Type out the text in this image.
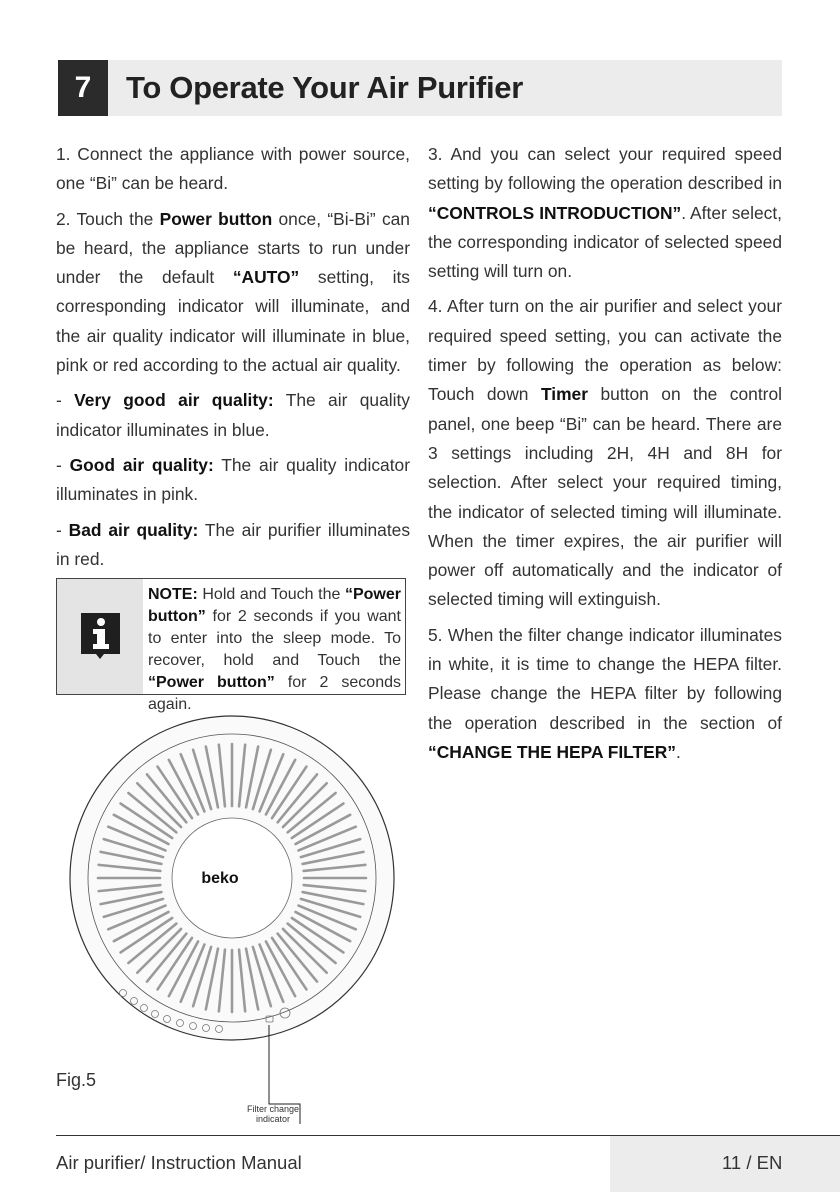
7	To Operate Your Air Purifier

1. Connect the appliance with power source, one “Bi” can be heard.

2. Touch the Power button once, “Bi-Bi” can be heard, the appliance starts to run under under the default “AUTO” setting, its corresponding indicator will illuminate, and the air quality indicator will illuminate in blue, pink or red according to the actual air quality.

- Very good air quality: The air quality indicator illuminates in blue.

- Good air quality: The air quality indicator illuminates in pink.

- Bad air quality: The air purifier illuminates in red.

NOTE: Hold and Touch the “Power button” for 2 seconds if you want to enter into the sleep mode. To recover, hold and Touch the “Power button” for 2 seconds again.

3. And you can select your required speed setting by following the operation described in “CONTROLS INTRODUCTION”. After select, the corresponding indicator of selected speed setting will turn on.

4. After turn on the air purifier and select your required speed setting, you can activate the timer by following the operation as below: Touch down Timer button on the control panel, one beep “Bi” can be heard. There are 3 settings including 2H, 4H and 8H for selection. After select your required timing, the indicator of selected timing will illuminate. When the timer expires, the air purifier will power off automatically and the indicator of selected timing will extinguish.

5. When the filter change indicator illuminates in white, it is time to change the HEPA filter. Please change the HEPA filter by following the operation described in the section of “CHANGE THE HEPA FILTER”.

beko
Fig.5
Filter change
indicator
Air purifier/ Instruction Manual	11 / EN
